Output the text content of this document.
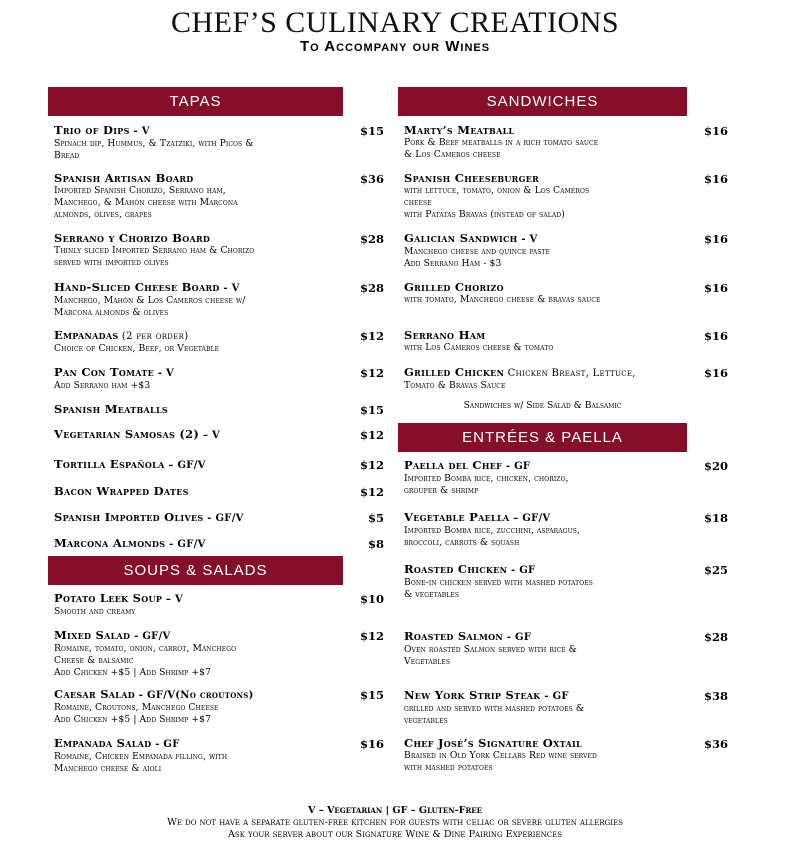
CHEF’S CULINARY CREATIONS
To Accompany our Wines
TAPAS	SANDWICHES
SOUPS & SALADS
ENTRÉES & PAELLA
Trio of Dips - V
Spinach dip, Hummus, & Tzatziki, with Picos &
Bread
$15
Spanish Artisan Board
Imported Spanish Chorizo, Serrano ham,
Manchego, & Mahón cheese with Marcona
almonds, olives, grapes
$36
Serrano y Chorizo Board
Thinly sliced Imported Serrano ham & Chorizo
served with imported olives
$28
Hand-Sliced Cheese Board - V
Manchego, Mahón & Los Cameros cheese w/
Marcona almonds & olives
$28
Empanadas (2 per order)
Choice of Chicken, Beef, or Vegetable
$12
Pan Con Tomate - V
Add Serrano ham +$3
$12
Spanish Meatballs	$15
Vegetarian Samosas (2) – V	$12
Tortilla Española – GF/V	$12
Bacon Wrapped Dates	$12
Spanish Imported Olives - GF/V	$5
Marcona Almonds - GF/V	$8
Potato Leek Soup – V
Smooth and creamy
$10
Mixed Salad - GF/V
Romaine, tomato, onion, carrot, Manchego
Cheese & balsamic
Add Chicken +$5 | Add Shrimp +$7
$12
Caesar Salad - GF/V(No croutons)
Romaine, Croutons, Manchego Cheese
Add Chicken +$5 | Add Shrimp +$7
$15
Empanada Salad - GF
Romaine, Chicken Empanada filling, with
Manchego cheese & aioli
$16
Marty’s Meatball
Pork & Beef meatballs in a rich tomato sauce
& Los Cameros cheese
$16
Spanish Cheeseburger
with lettuce, tomato, onion & Los Cameros
cheese
with Patatas Bravas (instead of salad)
$16
Galician Sandwich - V
Manchego cheese and quince paste
Add Serrano Ham - $3
$16
Grilled Chorizo
with tomato, Manchego cheese & bravas sauce
$16
Serrano Ham
with Los Cameros cheese & tomato
$16
Grilled Chicken Chicken Breast, Lettuce,
Tomato & Bravas Sauce
$16
Paella del Chef - GF
Imported Bomba rice, chicken, chorizo,
grouper & shrimp
$20
Vegetable Paella – GF/V
Imported Bomba rice, zucchini, asparagus,
broccoli, carrots & squash
$18
Roasted Chicken - GF
Bone-in chicken served with mashed potatoes
& vegetables
$25
Roasted Salmon - GF
Oven roasted Salmon served with rice &
Vegetables
$28
New York Strip Steak - GF
grilled and served with mashed potatoes &
vegetables
$38
Chef José’s Signature Oxtail
Braised in Old York Cellars Red wine served
with mashed potatoes
$36
Sandwiches w/ Side Salad & Balsamic
V – Vegetarian | GF – Gluten-Free
We do not have a separate gluten-free kitchen for guests with celiac or severe gluten allergies
Ask your server about our Signature Wine & Dine Pairing Experiences
